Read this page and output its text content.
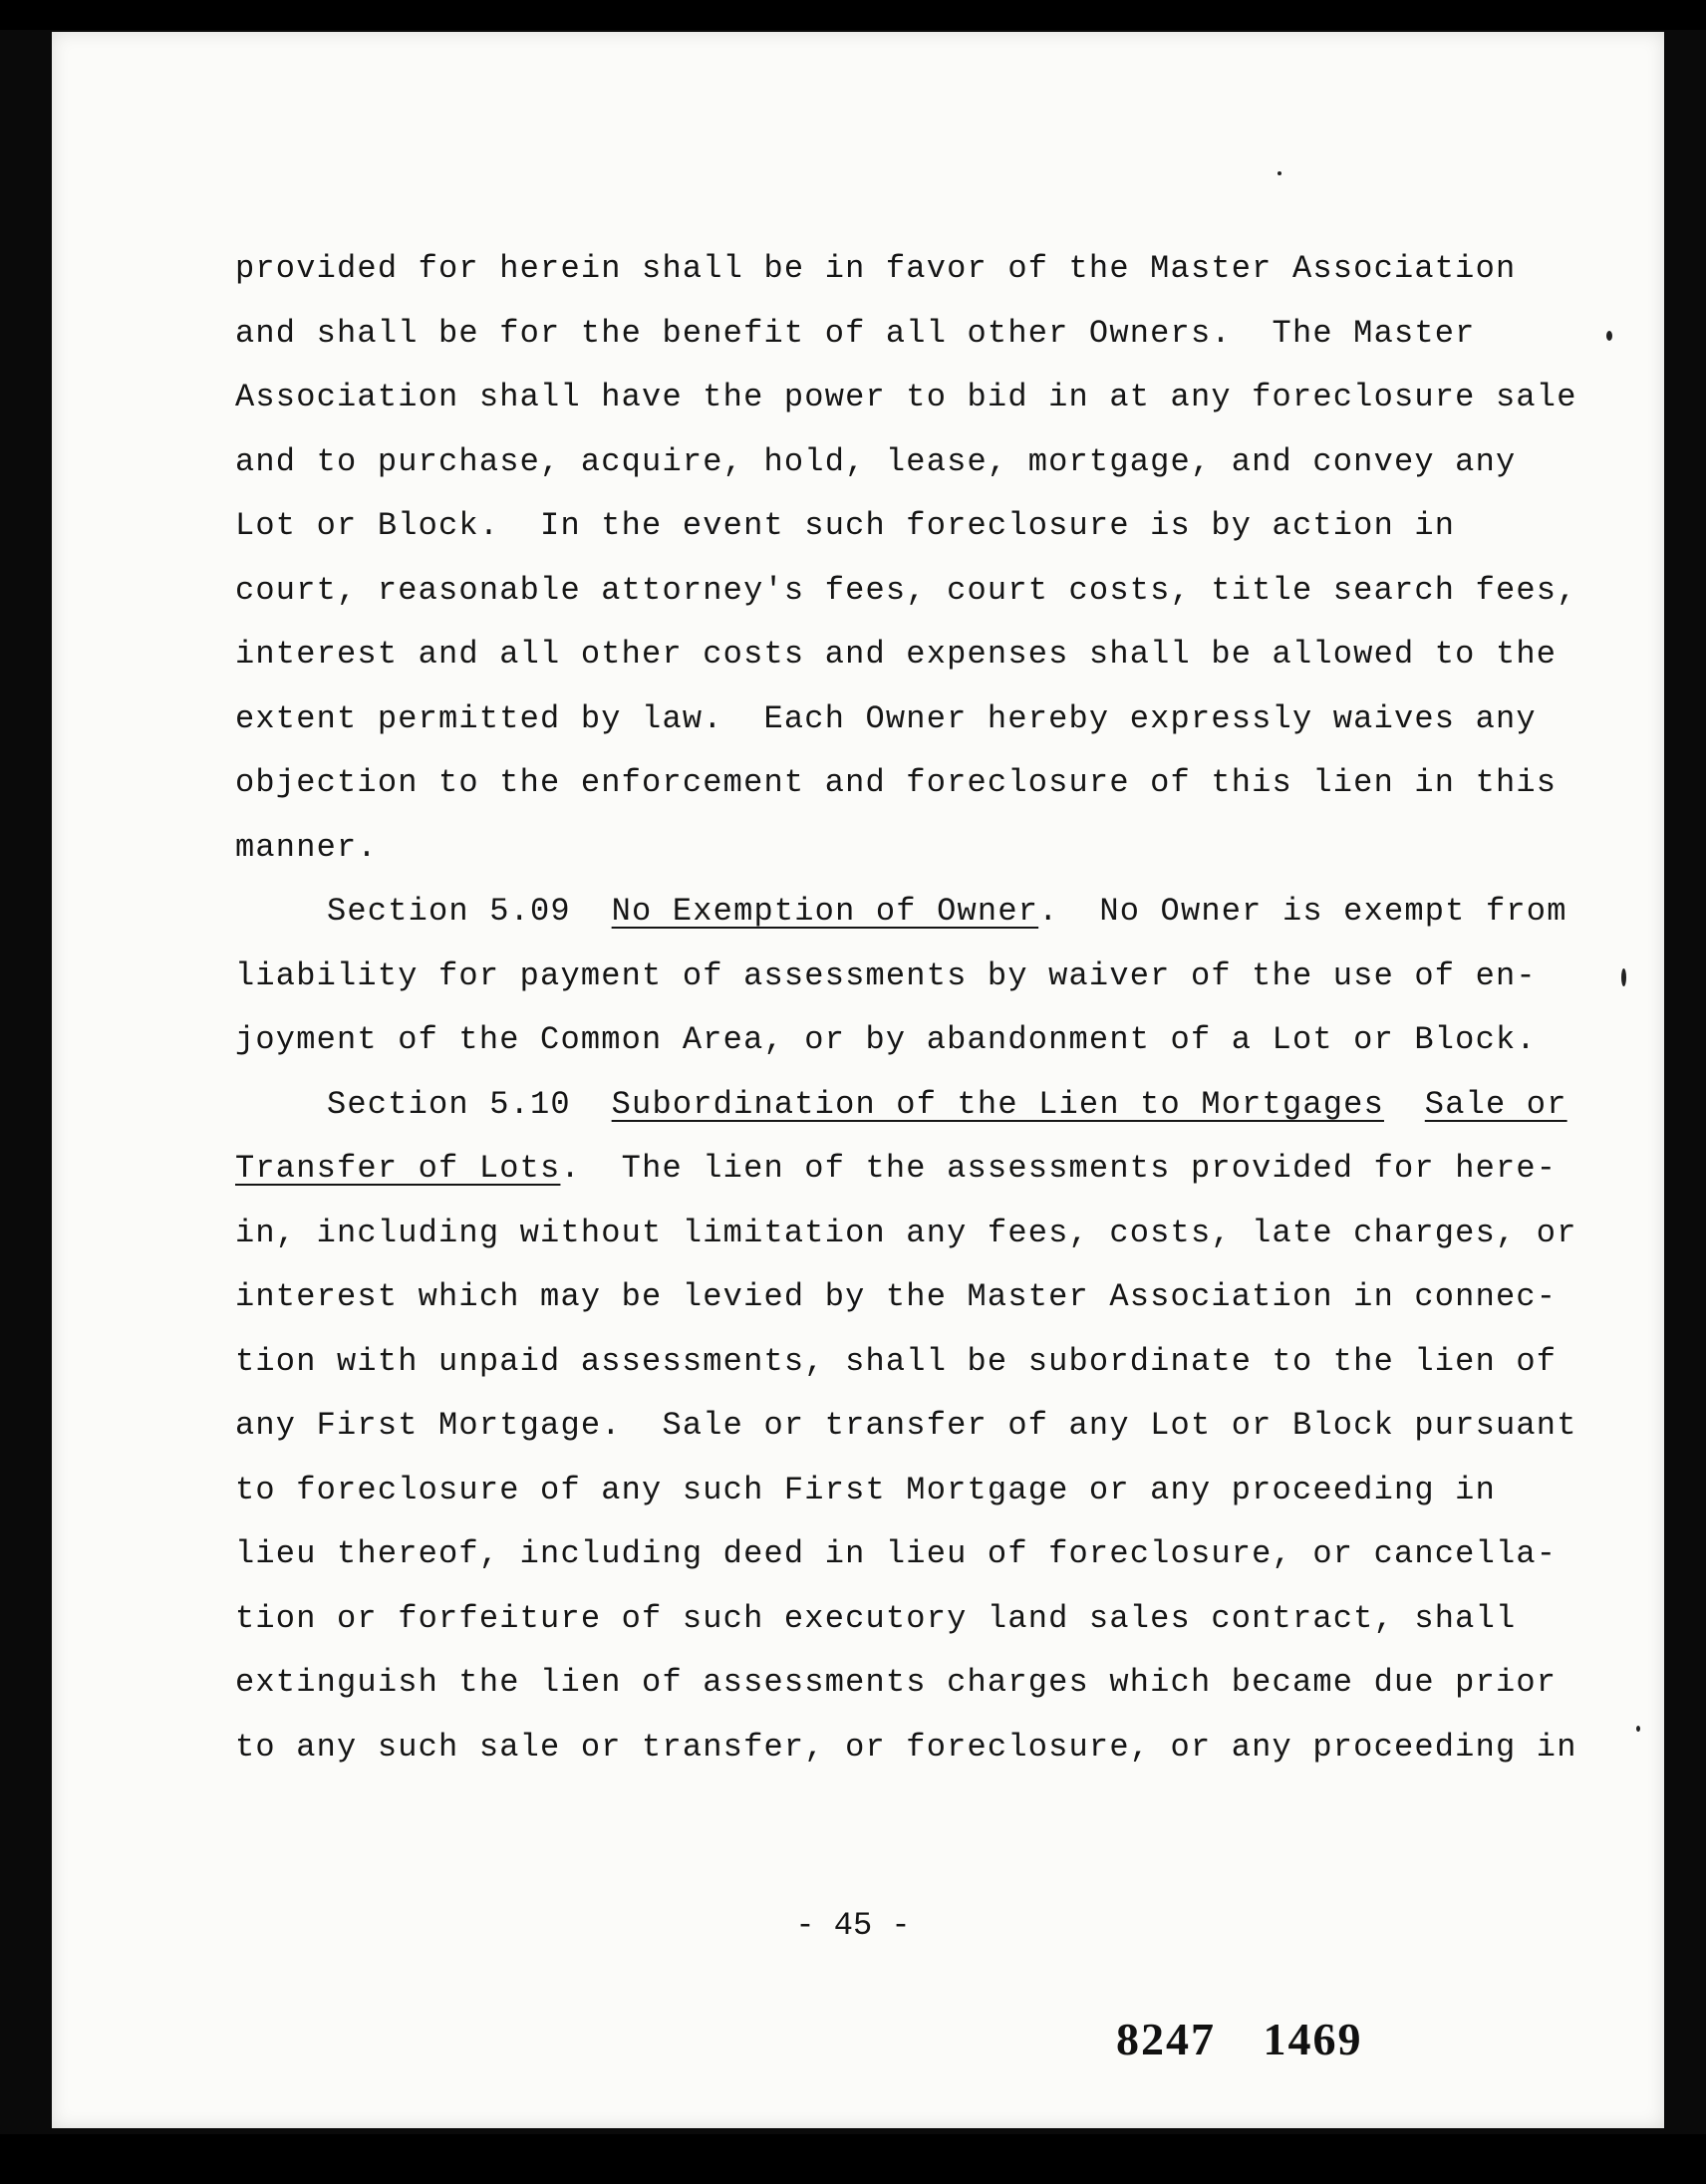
provided for herein shall be in favor of the Master Association
and shall be for the benefit of all other Owners.  The Master
Association shall have the power to bid in at any foreclosure sale
and to purchase, acquire, hold, lease, mortgage, and convey any
Lot or Block.  In the event such foreclosure is by action in
court, reasonable attorney's fees, court costs, title search fees,
interest and all other costs and expenses shall be allowed to the
extent permitted by law.  Each Owner hereby expressly waives any
objection to the enforcement and foreclosure of this lien in this
manner.
Section 5.09 No Exemption of Owner.  No Owner is exempt from
liability for payment of assessments by waiver of the use of en-
joyment of the Common Area, or by abandonment of a Lot or Block.
Section 5.10 Subordination of the Lien to Mortgages Sale or
Transfer of Lots.  The lien of the assessments provided for here-
in, including without limitation any fees, costs, late charges, or
interest which may be levied by the Master Association in connec-
tion with unpaid assessments, shall be subordinate to the lien of
any First Mortgage.  Sale or transfer of any Lot or Block pursuant
to foreclosure of any such First Mortgage or any proceeding in
lieu thereof, including deed in lieu of foreclosure, or cancella-
tion or forfeiture of such executory land sales contract, shall
extinguish the lien of assessments charges which became due prior
to any such sale or transfer, or foreclosure, or any proceeding in
- 45 -
8247 1469
